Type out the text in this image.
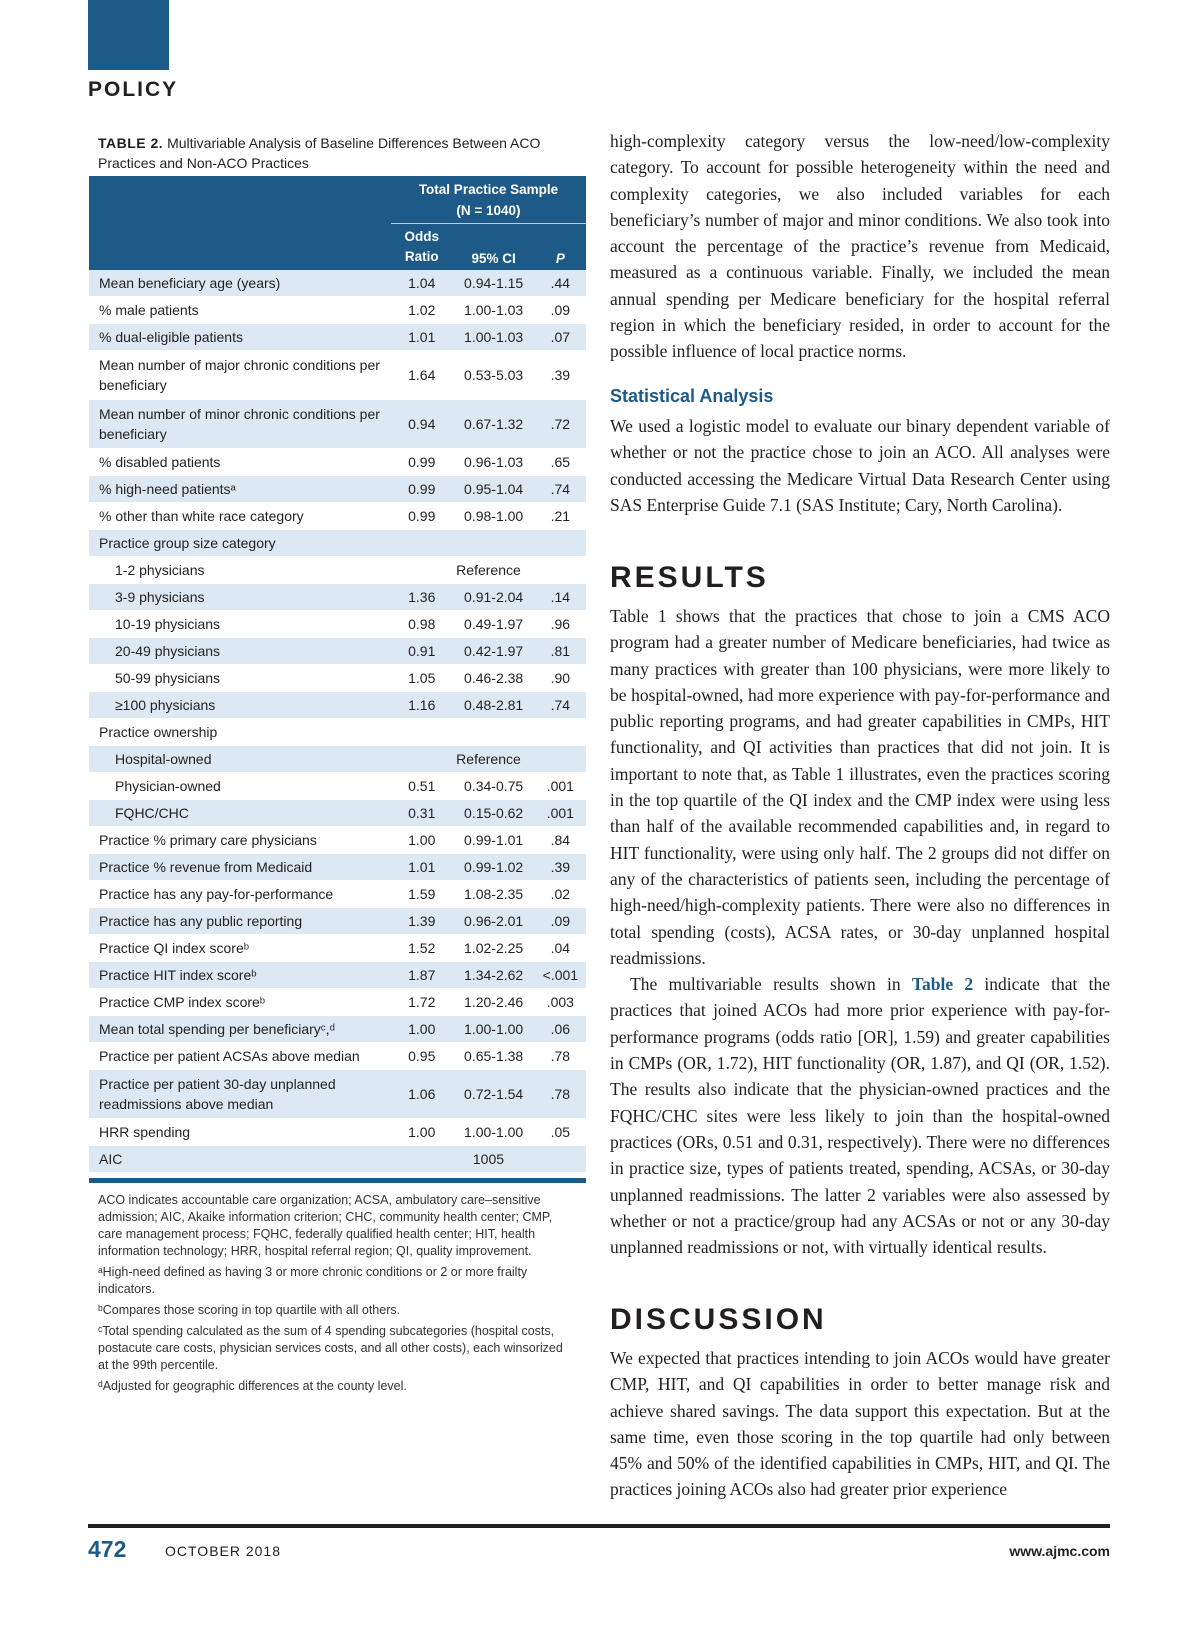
POLICY
TABLE 2. Multivariable Analysis of Baseline Differences Between ACO Practices and Non-ACO Practices

	Total Practice Sample
(N = 1040)		

	Odds
Ratio	95% CI	P
Mean beneficiary age (years)	1.04	0.94-1.15	.44
% male patients	1.02	1.00-1.03	.09
% dual-eligible patients	1.01	1.00-1.03	.07
Mean number of major chronic conditions per beneficiary	1.64	0.53-5.03	.39
Mean number of minor chronic conditions per beneficiary	0.94	0.67-1.32	.72
% disabled patients	0.99	0.96-1.03	.65
% high-need patientsᵃ	0.99	0.95-1.04	.74
% other than white race category	0.99	0.98-1.00	.21
Practice group size category			
1-2 physicians	Reference		
3-9 physicians	1.36	0.91-2.04	.14
10-19 physicians	0.98	0.49-1.97	.96
20-49 physicians	0.91	0.42-1.97	.81
50-99 physicians	1.05	0.46-2.38	.90
≥100 physicians	1.16	0.48-2.81	.74
Practice ownership			
Hospital-owned	Reference		
Physician-owned	0.51	0.34-0.75	.001
FQHC/CHC	0.31	0.15-0.62	.001
Practice % primary care physicians	1.00	0.99-1.01	.84
Practice % revenue from Medicaid	1.01	0.99-1.02	.39
Practice has any pay-for-performance	1.59	1.08-2.35	.02
Practice has any public reporting	1.39	0.96-2.01	.09
Practice QI index scoreᵇ	1.52	1.02-2.25	.04
Practice HIT index scoreᵇ	1.87	1.34-2.62	<.001
Practice CMP index scoreᵇ	1.72	1.20-2.46	.003
Mean total spending per beneficiaryᶜ,ᵈ	1.00	1.00-1.00	.06
Practice per patient ACSAs above median	0.95	0.65-1.38	.78
Practice per patient 30-day unplanned readmissions above median	1.06	0.72-1.54	.78
HRR spending	1.00	1.00-1.00	.05
AIC	1005		

ACO indicates accountable care organization; ACSA, ambulatory care–sensitive admission; AIC, Akaike information criterion; CHC, community health center; CMP, care management process; FQHC, federally qualified health center; HIT, health information technology; HRR, hospital referral region; QI, quality improvement.

ᵃHigh-need defined as having 3 or more chronic conditions or 2 or more frailty indicators.

ᵇCompares those scoring in top quartile with all others.

ᶜTotal spending calculated as the sum of 4 spending subcategories (hospital costs, postacute care costs, physician services costs, and all other costs), each winsorized at the 99th percentile.

ᵈAdjusted for geographic differences at the county level.

high-complexity category versus the low-need/low-complexity category. To account for possible heterogeneity within the need and complexity categories, we also included variables for each beneficiary’s number of major and minor conditions. We also took into account the percentage of the practice’s revenue from Medicaid, measured as a continuous variable. Finally, we included the mean annual spending per Medicare beneficiary for the hospital referral region in which the beneficiary resided, in order to account for the possible influence of local practice norms.

Statistical Analysis

We used a logistic model to evaluate our binary dependent variable of whether or not the practice chose to join an ACO. All analyses were conducted accessing the Medicare Virtual Data Research Center using SAS Enterprise Guide 7.1 (SAS Institute; Cary, North Carolina).

RESULTS

Table 1 shows that the practices that chose to join a CMS ACO program had a greater number of Medicare beneficiaries, had twice as many practices with greater than 100 physicians, were more likely to be hospital-owned, had more experience with pay-for-performance and public reporting programs, and had greater capabilities in CMPs, HIT functionality, and QI activities than practices that did not join. It is important to note that, as Table 1 illustrates, even the practices scoring in the top quartile of the QI index and the CMP index were using less than half of the available recommended capabilities and, in regard to HIT functionality, were using only half. The 2 groups did not differ on any of the characteristics of patients seen, including the percentage of high-need/high-complexity patients. There were also no differences in total spending (costs), ACSA rates, or 30-day unplanned hospital readmissions.

The multivariable results shown in Table 2 indicate that the practices that joined ACOs had more prior experience with pay-for-performance programs (odds ratio [OR], 1.59) and greater capabilities in CMPs (OR, 1.72), HIT functionality (OR, 1.87), and QI (OR, 1.52). The results also indicate that the physician-owned practices and the FQHC/CHC sites were less likely to join than the hospital-owned practices (ORs, 0.51 and 0.31, respectively). There were no differences in practice size, types of patients treated, spending, ACSAs, or 30-day unplanned readmissions. The latter 2 variables were also assessed by whether or not a practice/group had any ACSAs or not or any 30-day unplanned readmissions or not, with virtually identical results.

DISCUSSION

We expected that practices intending to join ACOs would have greater CMP, HIT, and QI capabilities in order to better manage risk and achieve shared savings. The data support this expectation. But at the same time, even those scoring in the top quartile had only between 45% and 50% of the identified capabilities in CMPs, HIT, and QI. The practices joining ACOs also had greater prior experience

472	OCTOBER 2018	www.ajmc.com
